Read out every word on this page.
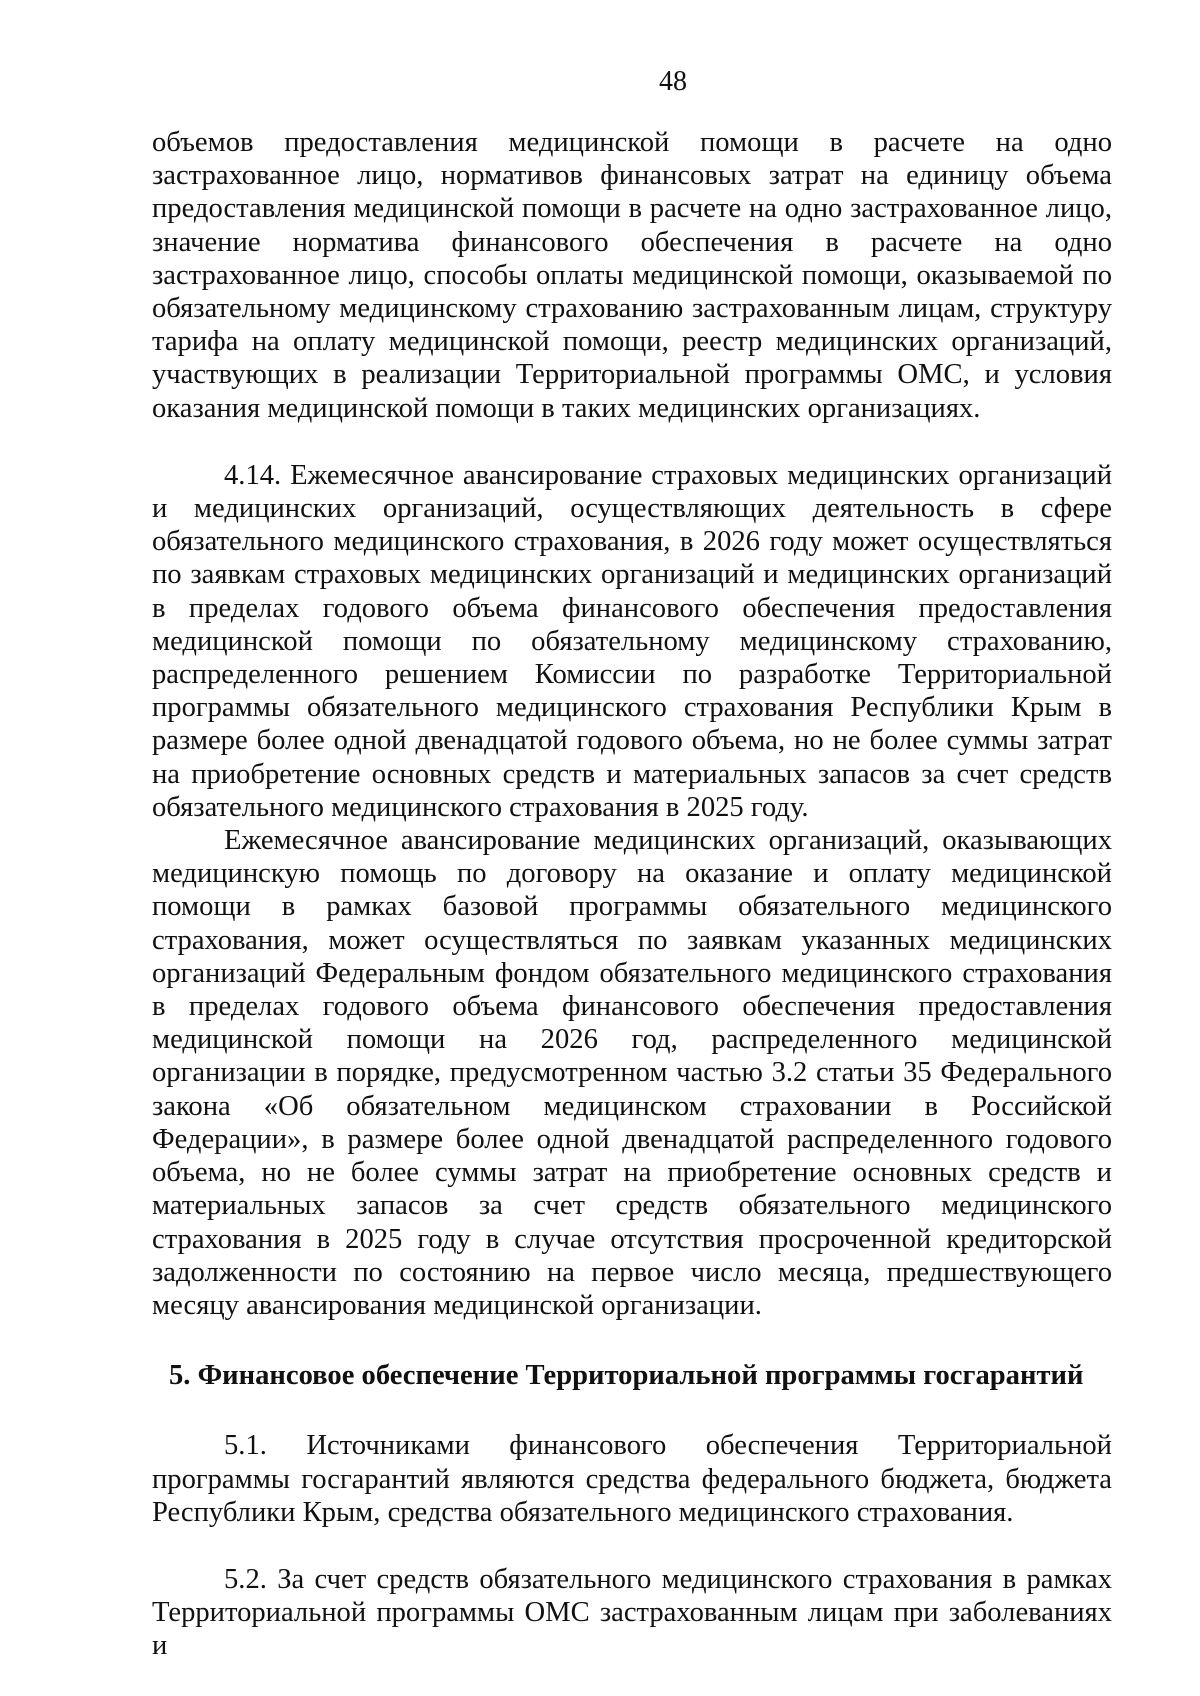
48

объемов предоставления медицинской помощи в расчете на одно застрахованное лицо, нормативов финансовых затрат на единицу объема предоставления медицинской помощи в расчете на одно застрахованное лицо, значение норматива финансового обеспечения в расчете на одно застрахованное лицо, способы оплаты медицинской помощи, оказываемой по обязательному медицинскому страхованию застрахованным лицам, структуру тарифа на оплату медицинской помощи, реестр медицинских организаций, участвующих в реализации Территориальной программы ОМС, и условия оказания медицинской помощи в таких медицинских организациях.

4.14. Ежемесячное авансирование страховых медицинских организаций и медицинских организаций, осуществляющих деятельность в сфере обязательного медицинского страхования, в 2026 году может осуществляться по заявкам страховых медицинских организаций и медицинских организаций в пределах годового объема финансового обеспечения предоставления медицинской помощи по обязательному медицинскому страхованию, распределенного решением Комиссии по разработке Территориальной программы обязательного медицинского страхования Республики Крым в размере более одной двенадцатой годового объема, но не более суммы затрат на приобретение основных средств и материальных запасов за счет средств обязательного медицинского страхования в 2025 году.

Ежемесячное авансирование медицинских организаций, оказывающих медицинскую помощь по договору на оказание и оплату медицинской помощи в рамках базовой программы обязательного медицинского страхования, может осуществляться по заявкам указанных медицинских организаций Федеральным фондом обязательного медицинского страхования в пределах годового объема финансового обеспечения предоставления медицинской помощи на 2026 год, распределенного медицинской организации в порядке, предусмотренном частью 3.2 статьи 35 Федерального закона «Об обязательном медицинском страховании в Российской Федерации», в размере более одной двенадцатой распределенного годового объема, но не более суммы затрат на приобретение основных средств и материальных запасов за счет средств обязательного медицинского страхования в 2025 году в случае отсутствия просроченной кредиторской задолженности по состоянию на первое число месяца, предшествующего месяцу авансирования медицинской организации.

5. Финансовое обеспечение Территориальной программы госгарантий

5.1. Источниками финансового обеспечения Территориальной программы госгарантий являются средства федерального бюджета, бюджета Республики Крым, средства обязательного медицинского страхования.

5.2. За счет средств обязательного медицинского страхования в рамках Территориальной программы ОМС застрахованным лицам при заболеваниях и
